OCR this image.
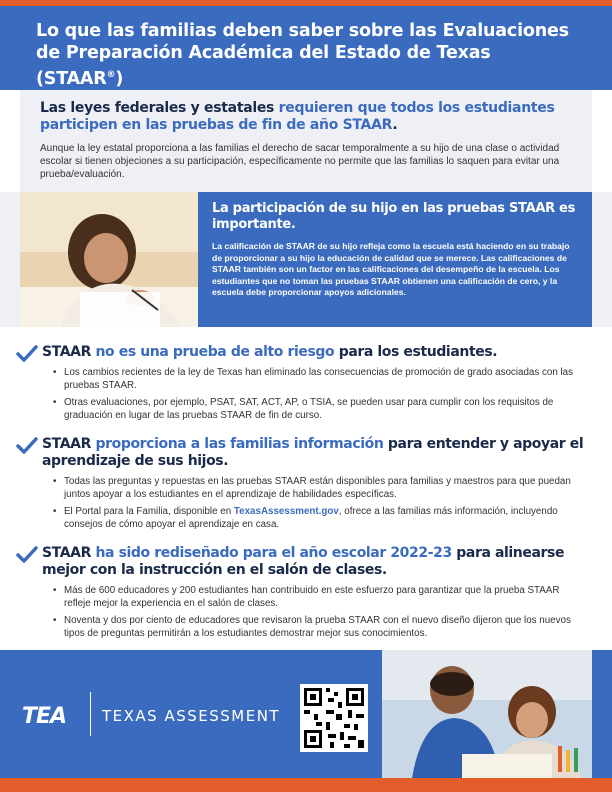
Lo que las familias deben saber sobre las Evaluaciones de Preparación Académica del Estado de Texas (STAAR®)
Las leyes federales y estatales requieren que todos los estudiantes participen en las pruebas de fin de año STAAR.

Aunque la ley estatal proporciona a las familias el derecho de sacar temporalmente a su hijo de una clase o actividad escolar si tienen objeciones a su participación, específicamente no permite que las familias lo saquen para evitar una prueba/evaluación.

La participación de su hijo en las pruebas STAAR es importante.

La calificación de STAAR de su hijo refleja como la escuela está haciendo en su trabajo de proporcionar a su hijo la educación de calidad que se merece. Las calificaciones de STAAR también son un factor en las calificaciones del desempeño de la escuela. Los estudiantes que no toman las pruebas STAAR obtienen una calificación de cero, y la escuela debe proporcionar apoyos adicionales.

STAAR no es una prueba de alto riesgo para los estudiantes.
• Los cambios recientes de la ley de Texas han eliminado las consecuencias de promoción de grado asociadas con las pruebas STAAR.
• Otras evaluaciones, por ejemplo, PSAT, SAT, ACT, AP, o TSIA, se pueden usar para cumplir con los requisitos de graduación en lugar de las pruebas STAAR de fin de curso.
STAAR proporciona a las familias información para entender y apoyar el aprendizaje de sus hijos.
• Todas las preguntas y repuestas en las pruebas STAAR están disponibles para familias y maestros para que puedan juntos apoyar a los estudiantes en el aprendizaje de habilidades específicas.
• El Portal para la Familia, disponible en TexasAssessment.gov, ofrece a las familias más información, incluyendo consejos de cómo apoyar el aprendizaje en casa.
STAAR ha sido rediseñado para el año escolar 2022-23 para alinearse mejor con la instrucción en el salón de clases.
• Más de 600 educadores y 200 estudiantes han contribuido en este esfuerzo para garantizar que la prueba STAAR refleje mejor la experiencia en el salón de clases.
• Noventa y dos por ciento de educadores que revisaron la prueba STAAR con el nuevo diseño dijeron que los nuevos tipos de preguntas permitirán a los estudiantes demostrar mejor sus conocimientos.
TEA TEXAS ASSESSMENT
